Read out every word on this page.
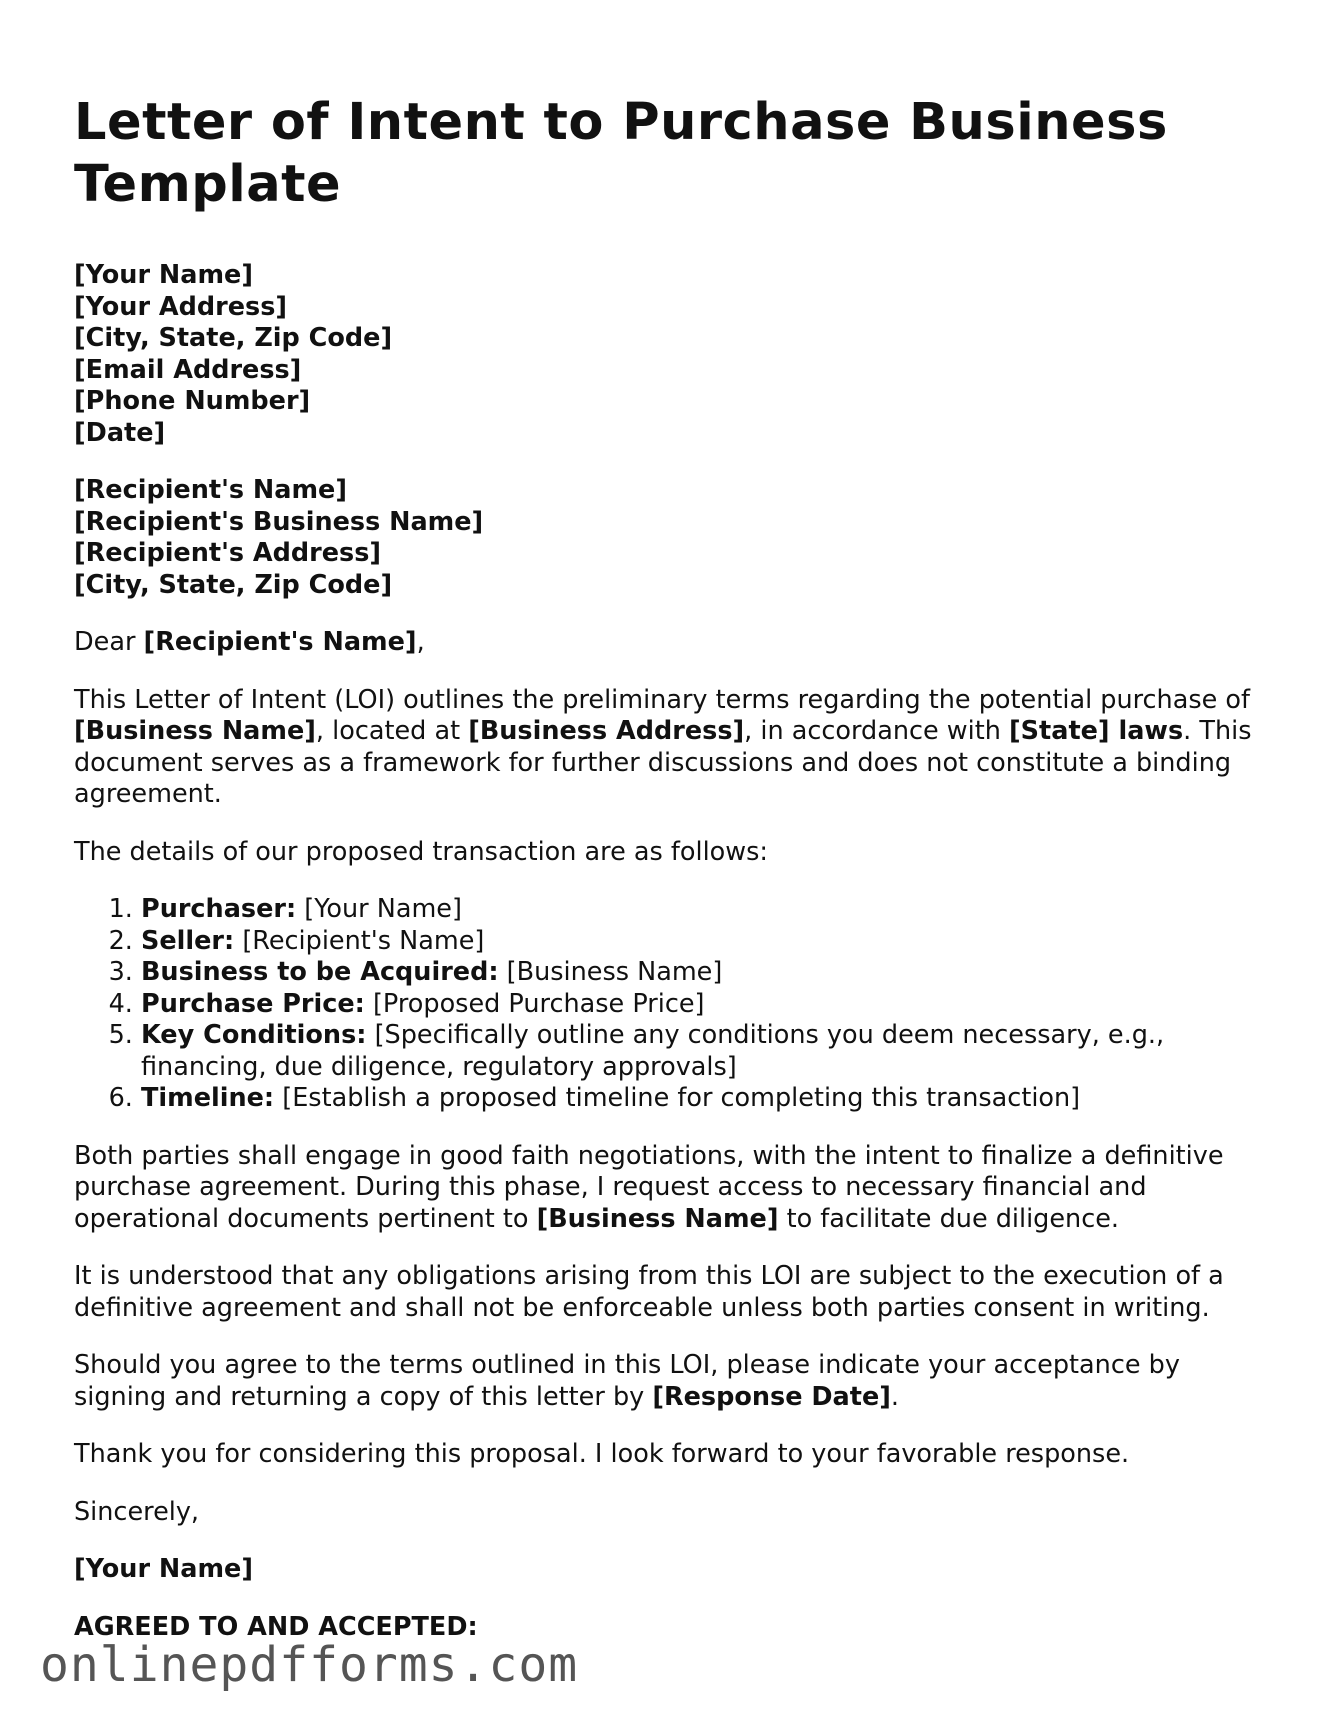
Letter of Intent to Purchase Business Template
[Your Name]
[Your Address]
[City, State, Zip Code]
[Email Address]
[Phone Number]
[Date]
[Recipient's Name]
[Recipient's Business Name]
[Recipient's Address]
[City, State, Zip Code]

Dear [Recipient's Name],

This Letter of Intent (LOI) outlines the preliminary terms regarding the potential purchase of [Business Name], located at [Business Address], in accordance with [State] laws. This document serves as a framework for further discussions and does not constitute a binding agreement.

The details of our proposed transaction are as follows:

1. Purchaser: [Your Name]
2. Seller: [Recipient's Name]
3. Business to be Acquired: [Business Name]
4. Purchase Price: [Proposed Purchase Price]
5. Key Conditions: [Specifically outline any conditions you deem necessary, e.g., financing, due diligence, regulatory approvals]
6. Timeline: [Establish a proposed timeline for completing this transaction]

Both parties shall engage in good faith negotiations, with the intent to finalize a definitive purchase agreement. During this phase, I request access to necessary financial and operational documents pertinent to [Business Name] to facilitate due diligence.

It is understood that any obligations arising from this LOI are subject to the execution of a definitive agreement and shall not be enforceable unless both parties consent in writing.

Should you agree to the terms outlined in this LOI, please indicate your acceptance by signing and returning a copy of this letter by [Response Date].

Thank you for considering this proposal. I look forward to your favorable response.

Sincerely,

[Your Name]
AGREED TO AND ACCEPTED:
onlinepdfforms.com
